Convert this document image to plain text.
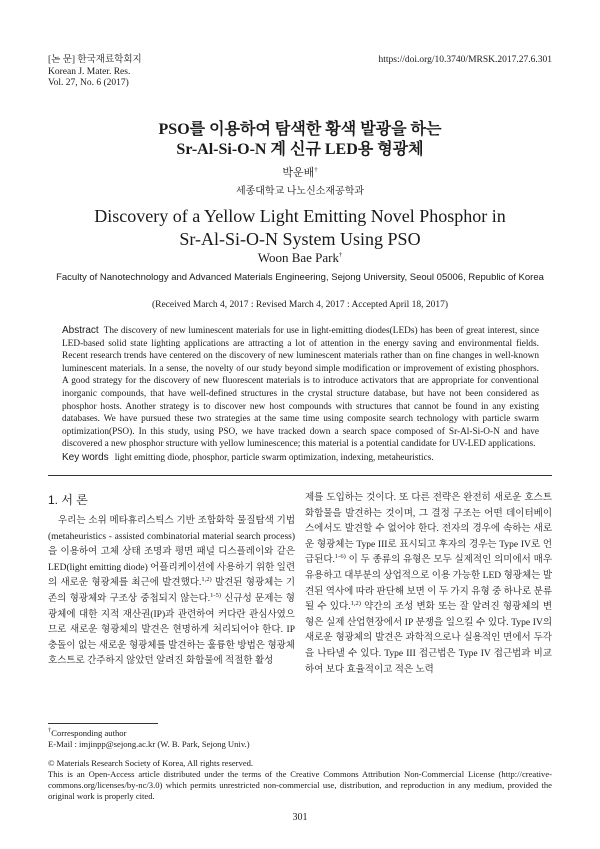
[논 문] 한국재료학회지
Korean J. Mater. Res.
Vol. 27, No. 6 (2017)
https://doi.org/10.3740/MRSK.2017.27.6.301
PSO를 이용하여 탐색한 황색 발광을 하는
Sr-Al-Si-O-N 계 신규 LED용 형광체
박운배†
세종대학교 나노신소재공학과
Discovery of a Yellow Light Emitting Novel Phosphor in
Sr-Al-Si-O-N System Using PSO
Woon Bae Park†
Faculty of Nanotechnology and Advanced Materials Engineering, Sejong University, Seoul 05006, Republic of Korea
(Received March 4, 2017 : Revised March 4, 2017 : Accepted April 18, 2017)
Abstract The discovery of new luminescent materials for use in light-emitting diodes(LEDs) has been of great interest, since LED-based solid state lighting applications are attracting a lot of attention in the energy saving and environmental fields. Recent research trends have centered on the discovery of new luminescent materials rather than on fine changes in well-known luminescent materials. In a sense, the novelty of our study beyond simple modification or improvement of existing phosphors. A good strategy for the discovery of new fluorescent materials is to introduce activators that are appropriate for conventional inorganic compounds, that have well-defined structures in the crystal structure database, but have not been considered as phosphor hosts. Another strategy is to discover new host compounds with structures that cannot be found in any existing databases. We have pursued these two strategies at the same time using composite search technology with particle swarm optimization(PSO). In this study, using PSO, we have tracked down a search space composed of Sr-Al-Si-O-N and have discovered a new phosphor structure with yellow luminescence; this material is a potential candidate for UV-LED applications.
Key words light emitting diode, phosphor, particle swarm optimization, indexing, metaheuristics.
1. 서 론

우리는 소위 메타휴리스틱스 기반 조합화학 물질탐색 기법(metaheuristics - assisted combinatorial material search process)을 이용하여 고체 상태 조명과 평면 패널 디스플레이와 같은 LED(light emitting diode) 어플리케이션에 사용하기 위한 일련의 새로운 형광체를 최근에 발견했다.$^{1,2)}$ 발견된 형광체는 기존의 형광체와 구조상 중첩되지 않는다.$^{1-5)}$ 신규성 문제는 형광체에 대한 지적 재산권(IP)과 관련하여 커다란 관심사였으므로 새로운 형광체의 발견은 현명하게 처리되어야 한다. IP 충돌이 없는 새로운 형광체를 발견하는 훌륭한 방법은 형광체 호스트로 간주하지 않았던 알려진 화합물에 적절한 활성

제를 도입하는 것이다. 또 다른 전략은 완전히 새로운 호스트 화합물을 발견하는 것이며, 그 결정 구조는 어떤 데이터베이스에서도 발견할 수 없어야 한다. 전자의 경우에 속하는 새로운 형광체는 Type III로 표시되고 후자의 경우는 Type IV로 언급된다.$^{1-6)}$ 이 두 종류의 유형은 모두 실제적인 의미에서 매우 유용하고 대부분의 상업적으로 이용 가능한 LED 형광체는 발견된 역사에 따라 판단해 보면 이 두 가지 유형 중 하나로 분류될 수 있다.$^{1,2)}$ 약간의 조성 변화 또는 잘 알려진 형광체의 변형은 실제 산업현장에서 IP 분쟁을 일으킬 수 있다. Type IV의 새로운 형광체의 발견은 과학적으로나 실용적인 면에서 두각을 나타낼 수 있다. Type III 접근법은 Type IV 접근법과 비교하여 보다 효율적이고 적은 노력

†Corresponding author
E-Mail : imjinpp@sejong.ac.kr (W. B. Park, Sejong Univ.)
© Materials Research Society of Korea, All rights reserved.
This is an Open-Access article distributed under the terms of the Creative Commons Attribution Non-Commercial License (http://creative-commons.org/licenses/by-nc/3.0) which permits unrestricted non-commercial use, distribution, and reproduction in any medium, provided the original work is properly cited.
301
